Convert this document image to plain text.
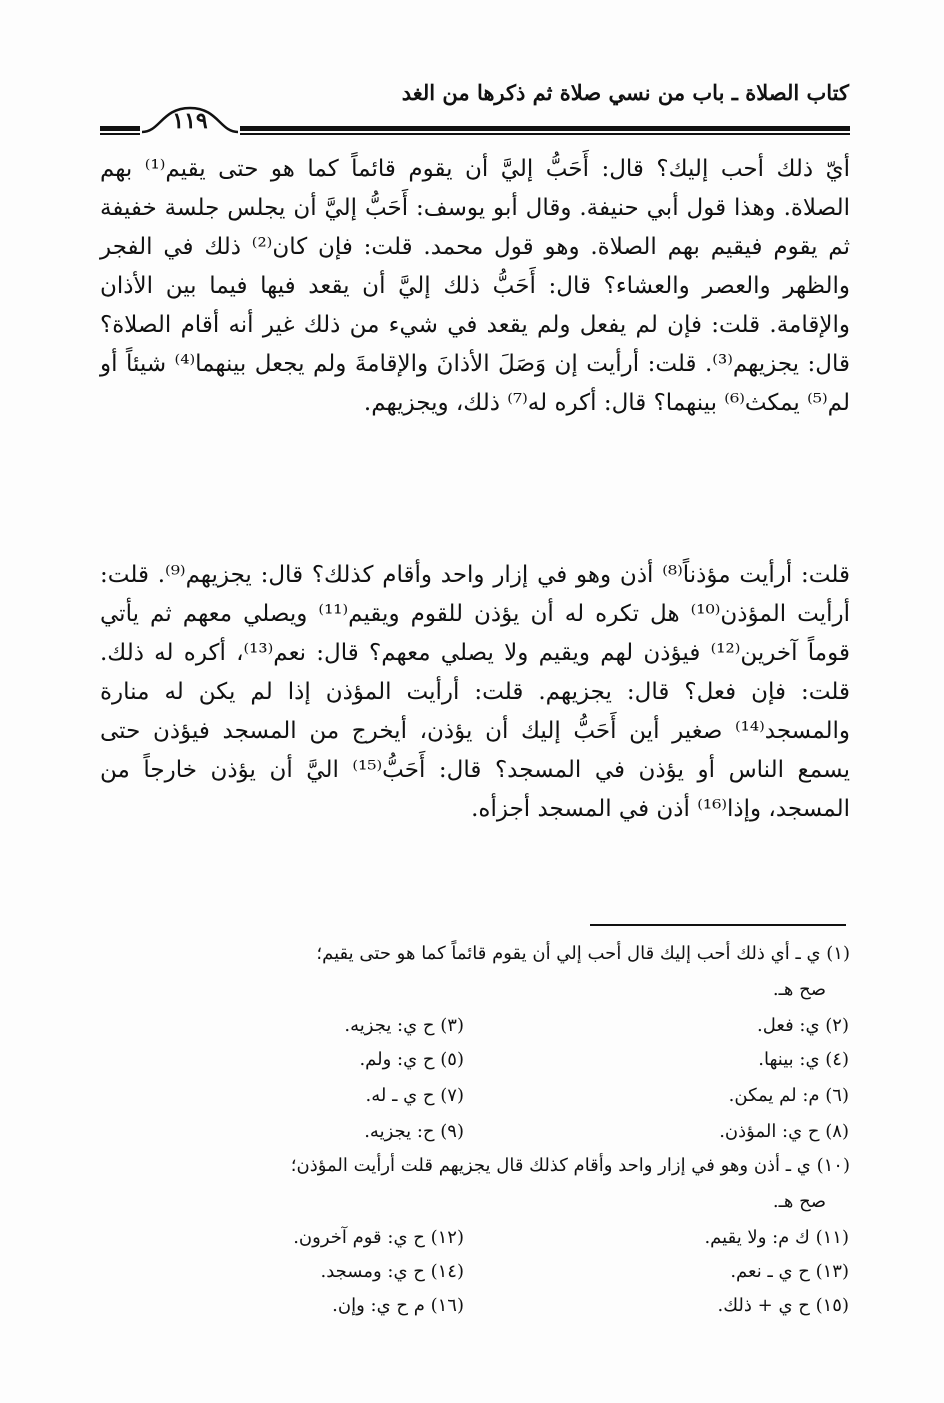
كتاب الصلاة ـ باب من نسي صلاة ثم ذكرها من الغد
١١٩
أيّ ذلك أحب إليك؟ قال: أَحَبُّ إليَّ أن يقوم قائماً كما هو حتى يقيم⁽¹⁾ بهم الصلاة. وهذا قول أبي حنيفة. وقال أبو يوسف: أَحَبُّ إليَّ أن يجلس جلسة خفيفة ثم يقوم فيقيم بهم الصلاة. وهو قول محمد. قلت: فإن كان⁽²⁾ ذلك في الفجر والظهر والعصر والعشاء؟ قال: أَحَبُّ ذلك إليَّ أن يقعد فيها فيما بين الأذان والإقامة. قلت: فإن لم يفعل ولم يقعد في شيء من ذلك غير أنه أقام الصلاة؟ قال: يجزيهم⁽³⁾. قلت: أرأيت إن وَصَلَ الأذانَ والإقامةَ ولم يجعل بينهما⁽⁴⁾ شيئاً أو لم⁽⁵⁾ يمكث⁽⁶⁾ بينهما؟ قال: أكره له⁽⁷⁾ ذلك، ويجزيهم.
قلت: أرأيت مؤذناً⁽⁸⁾ أذن وهو في إزار واحد وأقام كذلك؟ قال: يجزيهم⁽⁹⁾. قلت: أرأيت المؤذن⁽¹⁰⁾ هل تكره له أن يؤذن للقوم ويقيم⁽¹¹⁾ ويصلي معهم ثم يأتي قوماً آخرين⁽¹²⁾ فيؤذن لهم ويقيم ولا يصلي معهم؟ قال: نعم⁽¹³⁾، أكره له ذلك. قلت: فإن فعل؟ قال: يجزيهم. قلت: أرأيت المؤذن إذا لم يكن له منارة والمسجد⁽¹⁴⁾ صغير أين أَحَبُّ إليك أن يؤذن، أيخرج من المسجد فيؤذن حتى يسمع الناس أو يؤذن في المسجد؟ قال: أَحَبُّ⁽¹⁵⁾ اليَّ أن يؤذن خارجاً من المسجد، وإذا⁽¹⁶⁾ أذن في المسجد أجزأه.
(١) ي ـ أي ذلك أحب إليك قال أحب إلي أن يقوم قائماً كما هو حتى يقيم؛
صح هـ.
(٢) ي: فعل.
(٣) ح ي: يجزيه.
(٤) ي: بينها.
(٥) ح ي: ولم.
(٦) م: لم يمكن.
(٧) ح ي ـ له.
(٨) ح ي: المؤذن.
(٩) ح: يجزيه.
(١٠) ي ـ أذن وهو في إزار واحد وأقام كذلك قال يجزيهم قلت أرأيت المؤذن؛
صح هـ.
(١١) ك م: ولا يقيم.
(١٢) ح ي: قوم آخرون.
(١٣) ح ي ـ نعم.
(١٤) ح ي: ومسجد.
(١٥) ح ي + ذلك.
(١٦) م ح ي: وإن.
